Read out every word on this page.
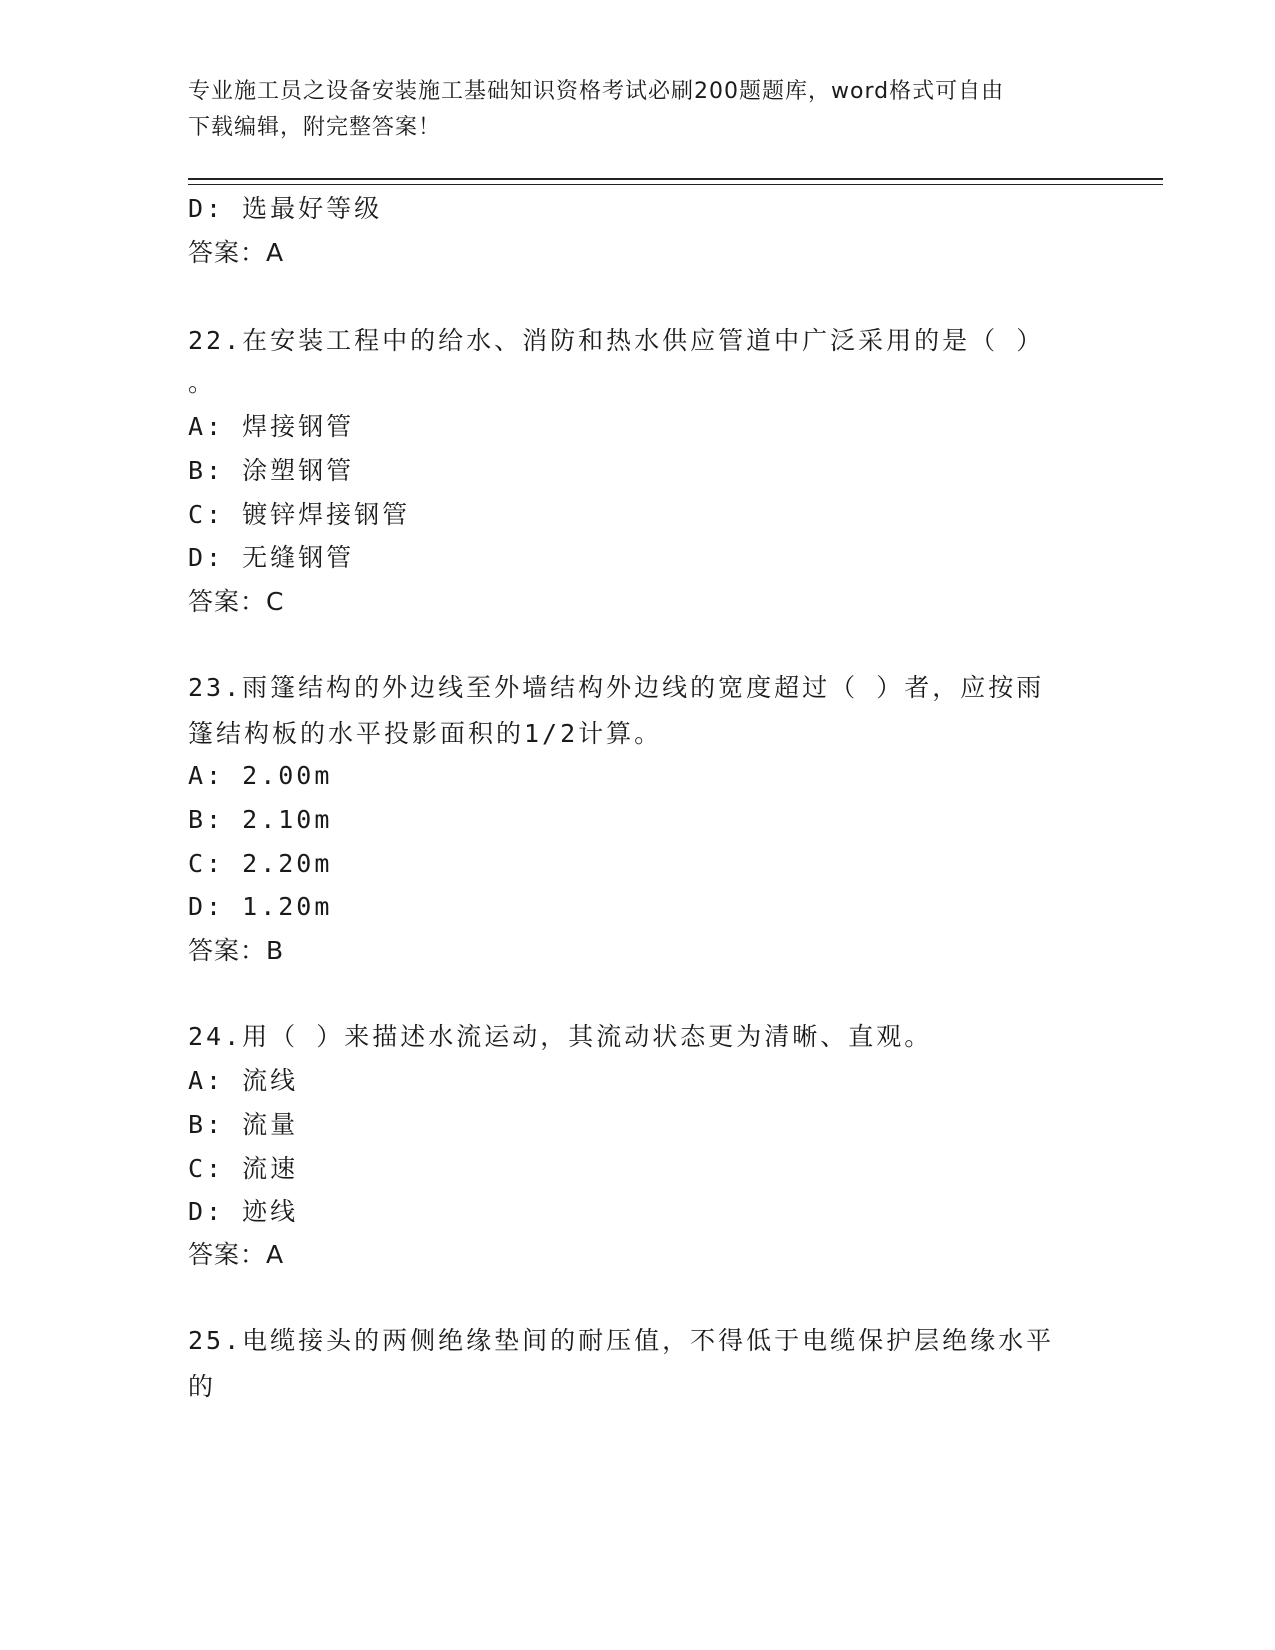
专业施工员之设备安装施工基础知识资格考试必刷200题题库，word格式可自由
下载编辑，附完整答案！
D: 选最好等级
答案：A
22.在安装工程中的给水、消防和热水供应管道中广泛采用的是（ ）
。
A: 焊接钢管
B: 涂塑钢管
C: 镀锌焊接钢管
D: 无缝钢管
答案：C
23.雨篷结构的外边线至外墙结构外边线的宽度超过（ ）者，应按雨篷结构板的水平投影面积的1/2计算。
A: 2.00m
B: 2.10m
C: 2.20m
D: 1.20m
答案：B
24.用（ ）来描述水流运动，其流动状态更为清晰、直观。
A: 流线
B: 流量
C: 流速
D: 迹线
答案：A
25.电缆接头的两侧绝缘垫间的耐压值，不得低于电缆保护层绝缘水平的
